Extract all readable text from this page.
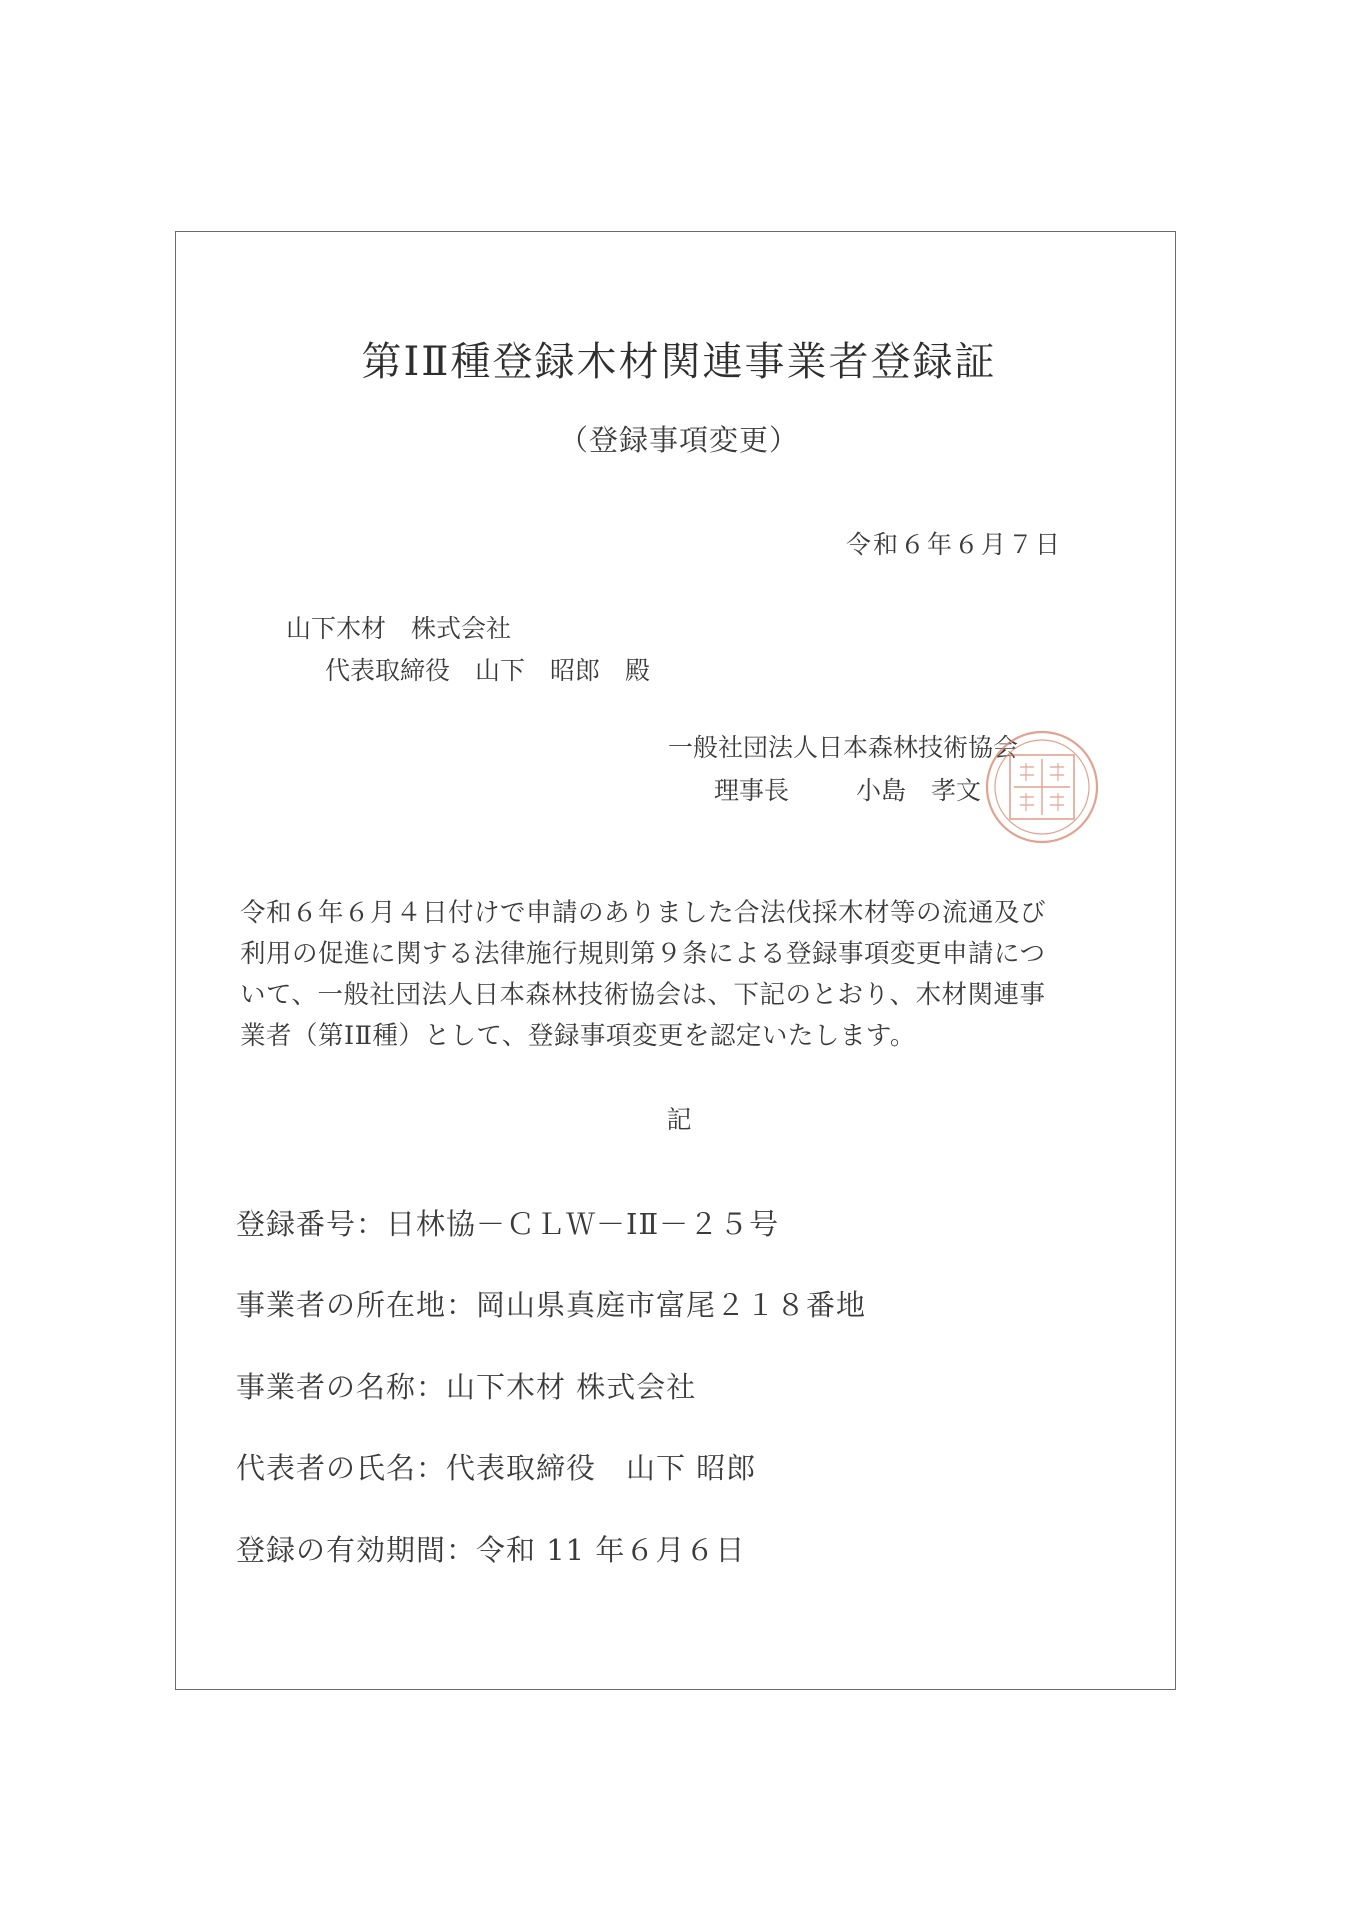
第ⅠⅡ種登録木材関連事業者登録証
（登録事項変更）
令和６年６月７日
山下木材　株式会社
代表取締役　山下　昭郎　殿
一般社団法人日本森林技術協会
理事長	小島　孝文
令和６年６月４日付けで申請のありました合法伐採木材等の流通及び
利用の促進に関する法律施行規則第９条による登録事項変更申請につ
いて、一般社団法人日本森林技術協会は、下記のとおり、木材関連事
業者（第ⅠⅡ種）として、登録事項変更を認定いたします。
記
登録番号：日林協－ＣＬＷ－ⅠⅡ－２５号
事業者の所在地：岡山県真庭市富尾２１８番地
事業者の名称：山下木材 株式会社
代表者の氏名：代表取締役　山下 昭郎
登録の有効期間：令和 11 年６月６日
